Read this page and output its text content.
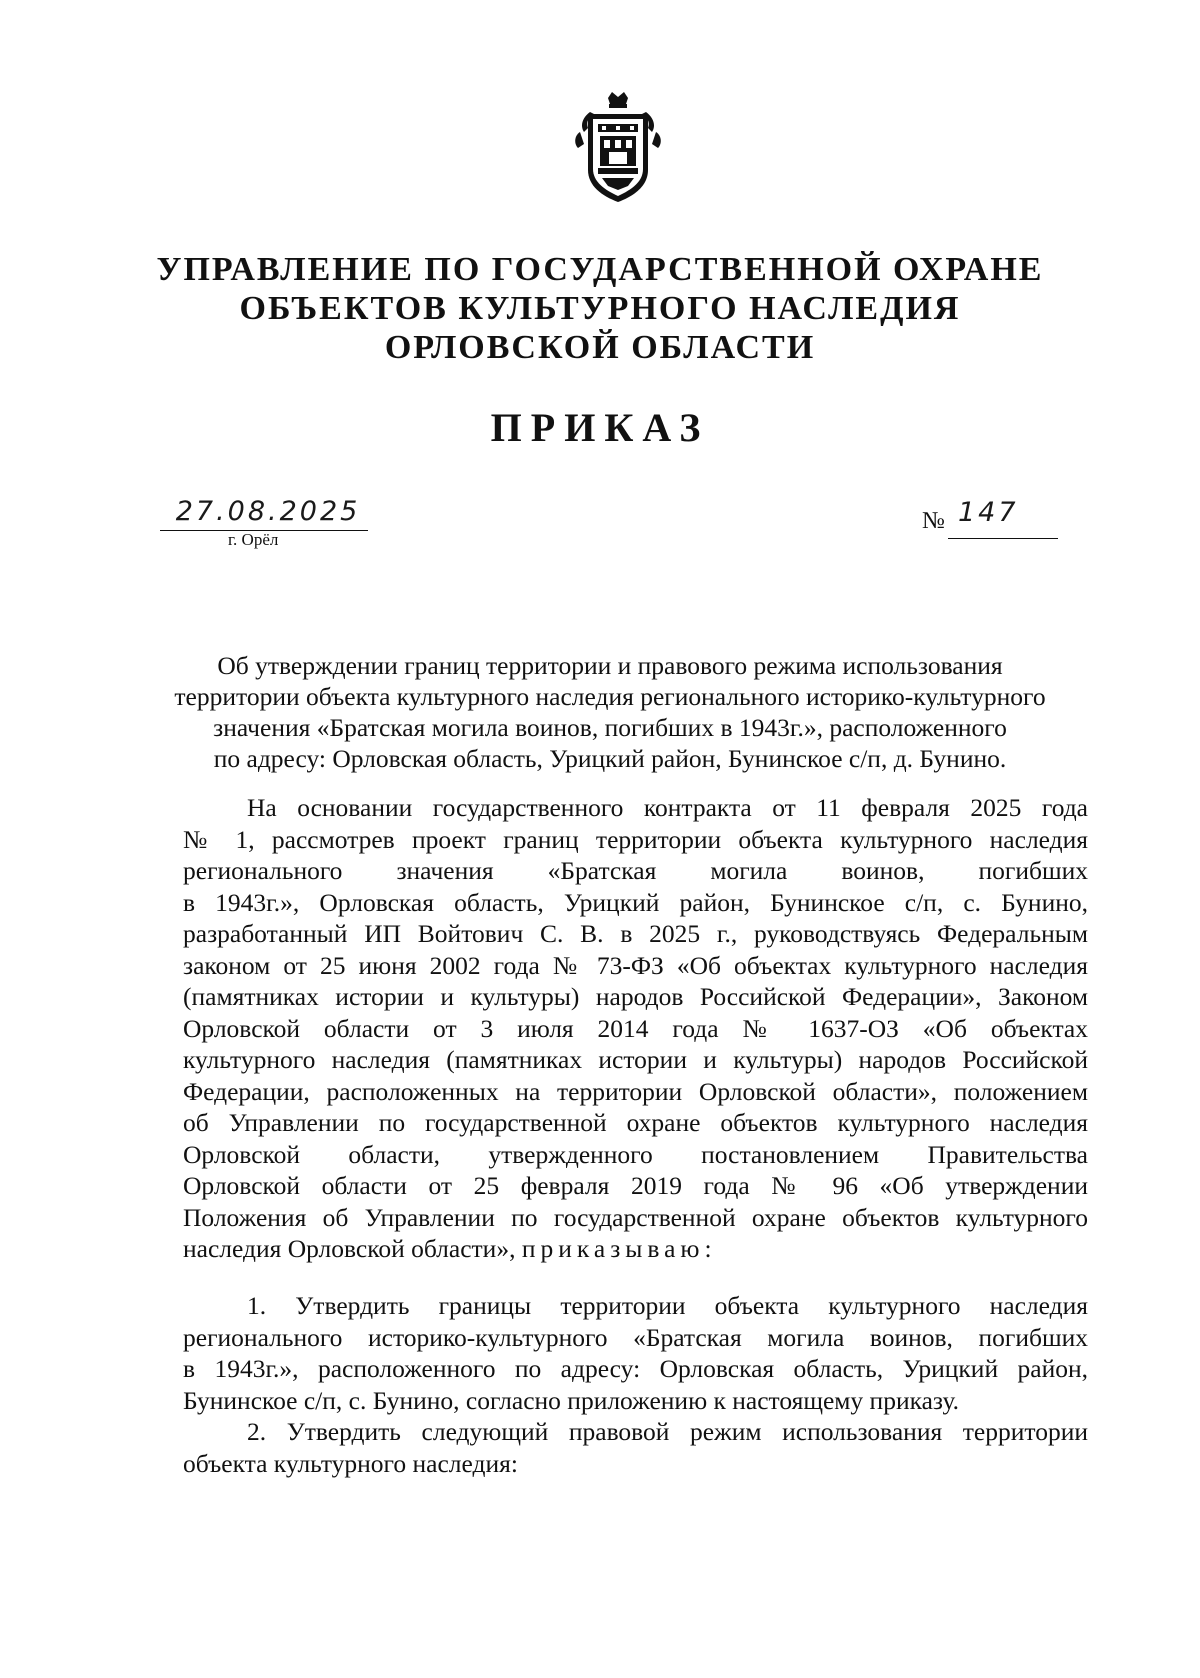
УПРАВЛЕНИЕ ПО ГОСУДАРСТВЕННОЙ ОХРАНЕ
ОБЪЕКТОВ КУЛЬТУРНОГО НАСЛЕДИЯ
ОРЛОВСКОЙ ОБЛАСТИ
ПРИКАЗ
27.08.2025
г. Орёл
№ 147
Об утверждении границ территории и правового режима использования
территории объекта культурного наследия регионального историко-культурного
значения «Братская могила воинов, погибших в 1943г.», расположенного
по адресу: Орловская область, Урицкий район, Бунинское с/п, д. Бунино.
На основании государственного контракта от 11 февраля 2025 года
№ 1, рассмотрев проект границ территории объекта культурного наследия
регионального значения «Братская могила воинов, погибших
в 1943г.», Орловская область, Урицкий район, Бунинское с/п, с. Бунино,
разработанный ИП Войтович С. В. в 2025 г., руководствуясь Федеральным
законом от 25 июня 2002 года № 73-ФЗ «Об объектах культурного наследия
(памятниках истории и культуры) народов Российской Федерации», Законом
Орловской области от 3 июля 2014 года № 1637-ОЗ «Об объектах
культурного наследия (памятниках истории и культуры) народов Российской
Федерации, расположенных на территории Орловской области», положением
об Управлении по государственной охране объектов культурного наследия
Орловской области, утвержденного постановлением Правительства
Орловской области от 25 февраля 2019 года № 96 «Об утверждении
Положения об Управлении по государственной охране объектов культурного
наследия Орловской области», приказываю:
1. Утвердить границы территории объекта культурного наследия
регионального историко-культурного «Братская могила воинов, погибших
в 1943г.», расположенного по адресу: Орловская область, Урицкий район,
Бунинское с/п, с. Бунино, согласно приложению к настоящему приказу.
2. Утвердить следующий правовой режим использования территории
объекта культурного наследия:
